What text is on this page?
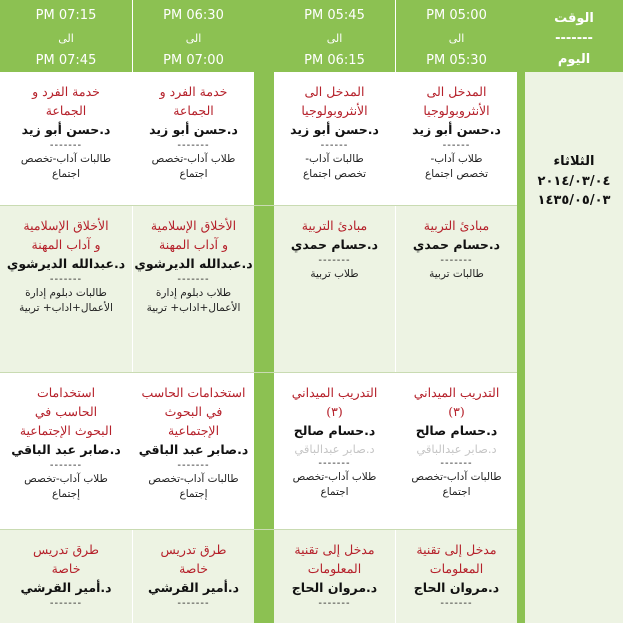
الوقت
-------
اليوم
الثلاثاء
٢٠١٤/٠٣/٠٤
١٤٣٥/٠٥/٠٣
05:00 PM
الى
05:30 PM
05:45 PM
الى
06:15 PM
06:30 PM
الى
07:00 PM
07:15 PM
الى
07:45 PM
المدخل الى
الأنثروبولوجيا
د.حسن أبو زيد
------
طلاب آداب-
تخصص اجتماع
المدخل الى
الأنثروبولوجيا
د.حسن أبو زيد
------
طالبات آداب-
تخصص اجتماع
خدمة الفرد و
الجماعة
د.حسن أبو زيد
-------
طلاب آداب-تخصص
اجتماع
خدمة الفرد و
الجماعة
د.حسن أبو زيد
-------
طالبات آداب-تخصص
اجتماع
مبادئ التربية
د.حسام حمدي
-------
طالبات تربية
مبادئ التربية
د.حسام حمدي
-------
طلاب تربية
الأخلاق الإسلامية
و آداب المهنة
د.عبدالله الديرشوي
-------
طلاب دبلوم إدارة
الأعمال+اداب+ تربية
الأخلاق الإسلامية
و آداب المهنة
د.عبدالله الديرشوي
-------
طالبات دبلوم إدارة
الأعمال+اداب+ تربية
التدريب الميداني
(٣)
د.حسام صالح
د.صابر عبدالباقي
-------
طالبات آداب-تخصص
اجتماع
التدريب الميداني
(٣)
د.حسام صالح
د.صابر عبدالباقي
-------
طلاب آداب-تخصص
اجتماع
استخدامات الحاسب
في البحوث
الإجتماعية
د.صابر عبد الباقي
-------
طالبات آداب-تخصص
إجتماع
استخدامات
الحاسب في
البحوث الإجتماعية
د.صابر عبد الباقي
-------
طلاب آداب-تخصص
إجتماع
مدخل إلى تقنية
المعلومات
د.مروان الحاج
-------
مدخل إلى تقنية
المعلومات
د.مروان الحاج
-------
طرق تدريس
خاصة
د.أمير القرشي
-------
طرق تدريس
خاصة
د.أمير القرشي
-------
